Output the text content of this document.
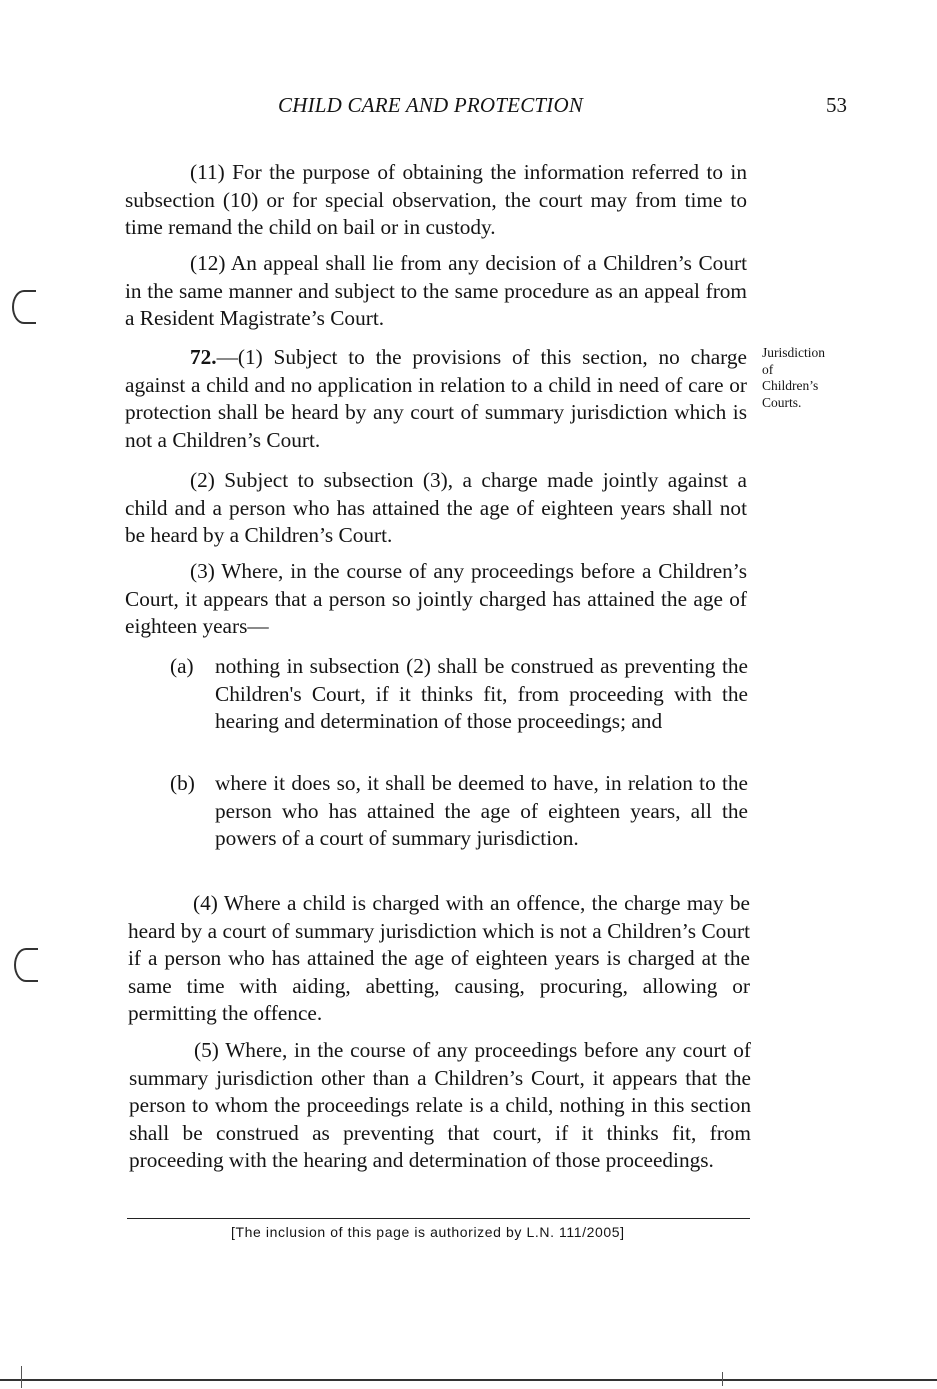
CHILD CARE AND PROTECTION	53

(11) For the purpose of obtaining the information referred to in subsection (10) or for special observation, the court may from time to time remand the child on bail or in custody.

(12) An appeal shall lie from any decision of a Children’s Court in the same manner and subject to the same procedure as an appeal from a Resident Magistrate’s Court.

72.—(1) Subject to the provisions of this section, no charge against a child and no application in relation to a child in need of care or protection shall be heard by any court of summary jurisdiction which is not a Children’s Court.

Jurisdiction
of
Children’s
Courts.

(2) Subject to subsection (3), a charge made jointly against a child and a person who has attained the age of eighteen years shall not be heard by a Children’s Court.

(3) Where, in the course of any proceedings before a Children’s Court, it appears that a person so jointly charged has attained the age of eighteen years—

(a)	nothing in subsection (2) shall be construed as preventing the Children's Court, if it thinks fit, from proceeding with the hearing and determination of those proceedings; and
(b) where it does so, it shall be deemed to have, in relation to the person who has attained the age of eighteen years, all the powers of a court of summary jurisdiction.

(4) Where a child is charged with an offence, the charge may be heard by a court of summary jurisdiction which is not a Children’s Court if a person who has attained the age of eighteen years is charged at the same time with aiding, abetting, causing, procuring, allowing or permitting the offence.

(5) Where, in the course of any proceedings before any court of summary jurisdiction other than a Children’s Court, it appears that the person to whom the proceedings relate is a child, nothing in this section shall be construed as preventing that court, if it thinks fit, from proceeding with the hearing and determination of those proceedings.

[The inclusion of this page is authorized by L.N. 111/2005]
